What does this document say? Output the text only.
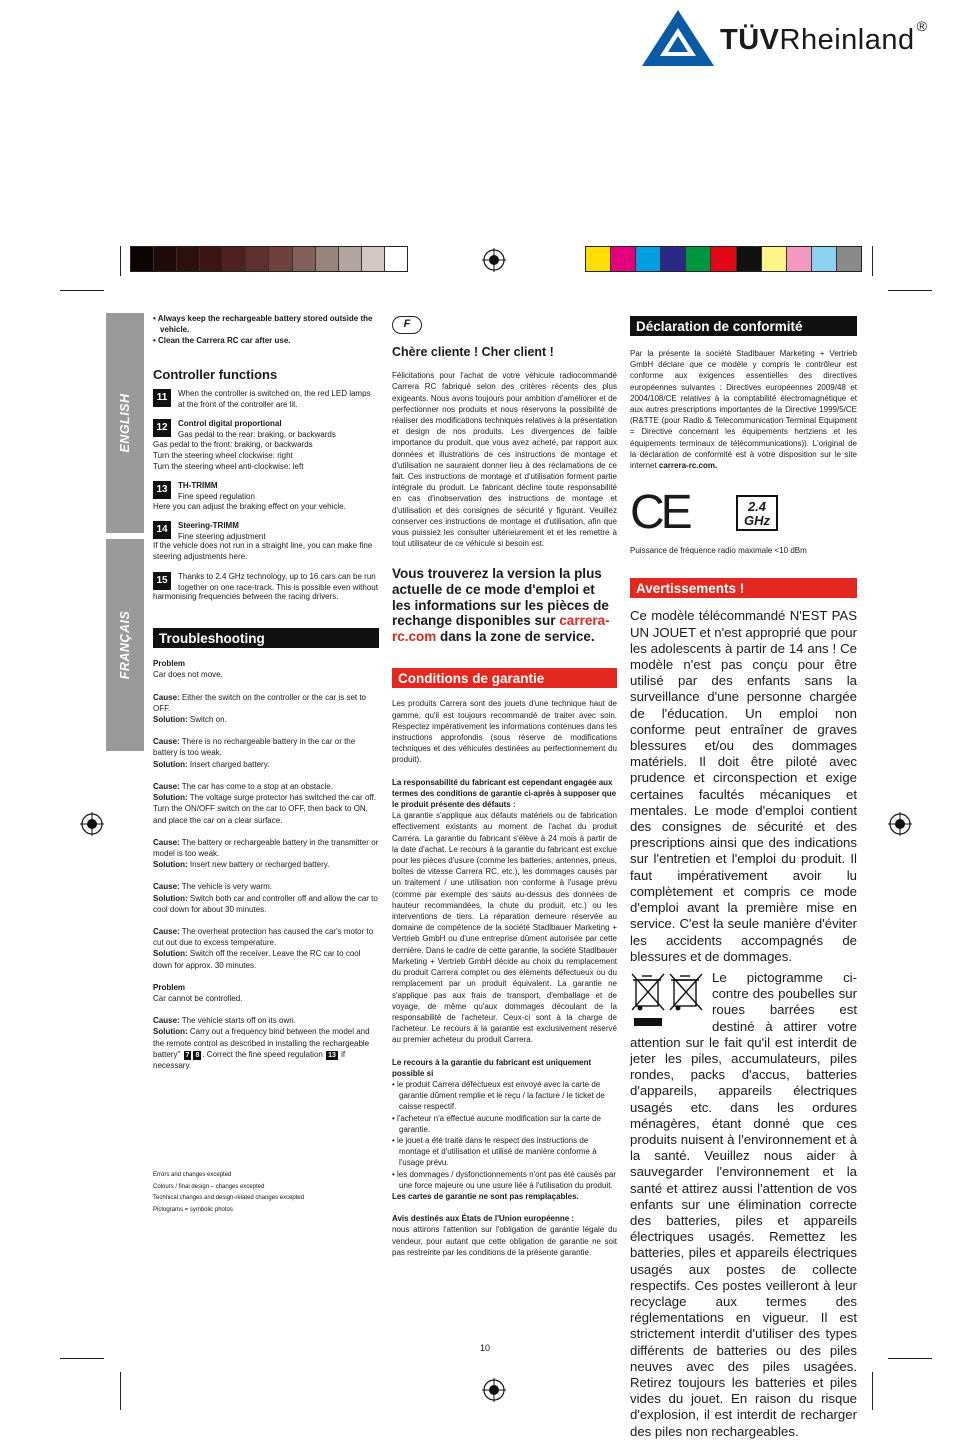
TÜVRheinland ®
ENGLISH
FRANÇAIS

• Always keep the rechargeable battery stored outside the vehicle.

• Clean the Carrera RC car after use.

Controller functions
11	When the controller is switched on, the red LED lamps at the front of the controller are lit.

12	Control digital proportional

Gas pedal to the rear: braking, or backwards

Gas pedal to the front: braking, or backwards

Turn the steering wheel clockwise: right

Turn the steering wheel anti-clockwise: left

13	TH-TRIMM

Fine speed regulation

Here you can adjust the braking effect on your vehicle.

14	Steering-TRIMM

Fine steering adjustment

If the vehicle does not run in a straight line, you can make fine steering adjustments here.

15	Thanks to 2.4 GHz technology, up to 16 cars can be run together on one race-track. This is possible even without

harmonising frequencies between the racing drivers.

Troubleshooting

Problem

Car does not move.

Cause: Either the switch on the controller or the car is set to OFF.

Solution: Switch on.

Cause: There is no rechargeable battery in the car or the battery is too weak.

Solution: Insert charged battery.

Cause: The car has come to a stop at an obstacle.

Solution: The voltage surge protector has switched the car off. Turn the ON/OFF switch on the car to OFF, then back to ON, and place the car on a clear surface.

Cause: The battery or rechargeable battery in the transmitter or model is too weak.

Solution: Insert new battery or recharged battery.

Cause: The vehicle is very warm.

Solution: Switch both car and controller off and allow the car to cool down for about 30 minutes.

Cause: The overheat protection has caused the car's motor to cut out due to excess temperature.

Solution: Switch off the receiver. Leave the RC car to cool down for approx. 30 minutes.

Problem

Car cannot be controlled.

Cause: The vehicle starts off on its own.

Solution: Carry out a frequency bind between the model and the remote control as described in installing the rechargeable battery" 7 8 . Correct the fine speed regulation 13 if necessary.

Errors and changes excepted

Colours / final design – changes excepted

Technical changes and design-related changes excepted

Pictograms = symbolic photos

F
Chère cliente ! Cher client !

Félicitations pour l'achat de votre véhicule radiocommandé Carrera RC fabriqué selon des critères récents des plus exigeants. Nous avons toujours pour ambition d'améliorer et de perfectionner nos produits et nous réservons la possibilité de réaliser des modifications techniques relatives à la présentation et design de nos produits. Les divergences de faible importance du produit, que vous avez acheté, par rapport aux données et illustrations de ces instructions de montage et d'utilisation ne sauraient donner lieu à des réclamations de ce fait. Ces instructions de montage et d'utilisation forment partie intégrale du produit. Le fabricant décline toute responsabilité en cas d'inobservation des instructions de montage et d'utilisation et des consignes de sécurité y figurant. Veuillez conserver ces instructions de montage et d'utilisation, afin que vous puissiez les consulter ultérieurement et et les remettre à tout utilisateur de ce véhicule si besoin est.

Vous trouverez la version la plus actuelle de ce mode d'emploi et les informations sur les pièces de rechange disponibles sur carrera-rc.com dans la zone de service.

Conditions de garantie

Les produits Carrera sont des jouets d'une technique haut de gamme, qu'il est toujours recommandé de traiter avec soin. Respectez impérativement les informations contenues dans les instructions approfondis (sous réserve de modifications techniques et des véhicules destinées au perfectionnement du produit).

La responsabilité du fabricant est cependant engagée aux termes des conditions de garantie ci-après à supposer que le produit présente des défauts :

La garantie s'applique aux défauts matériels ou de fabrication effectivement existants au moment de l'achat du produit Carrera. La garantie du fabricant s'élève à 24 mois à partir de la date d'achat. Le recours à la garantie du fabricant est exclue pour les pièces d'usure (comme les batteries, antennes, pneus, boîtes de vitesse Carrera RC, etc.), les dommages causés par un traitement / une utilisation non conforme à l'usage prévu (comme par exemple des sauts au-dessus des données de hauteur recommandées, la chute du produit, etc.) ou les interventions de tiers. La réparation demeure réservée au domaine de compétence de la société Stadlbauer Marketing + Vertrieb GmbH ou d'une entreprise dûment autorisée par cette dernière. Dans le cadre de cette garantie, la société Stadlbauer Marketing + Vertrieb GmbH décide au choix du remplacement du produit Carrera complet ou des éléments défectueux ou du remplacement par un produit équivalent. La garantie ne s'applique pas aux frais de transport, d'emballage et de voyage, de même qu'aux dommages découlant de la responsabilité de l'acheteur. Ceux-ci sont à la charge de l'acheteur. Le recours à la garantie est exclusivement réservé au premier acheteur du produit Carrera.

Le recours à la garantie du fabricant est uniquement possible si

• le produit Carrera défectueux est envoyé avec la carte de garantie dûment remplie et le reçu / la facture / le ticket de caisse respectif.

• l'acheteur n'a effectué aucune modification sur la carte de garantie.

• le jouet a été traité dans le respect des instructions de montage et d'utilisation et utilisé de manière conforme à l'usage prévu.

• les dommages / dysfonctionnements n'ont pas été causés par une force majeure ou une usure liée à l'utilisation du produit.

Les cartes de garantie ne sont pas remplaçables.

Avis destinés aux États de l'Union européenne :

nous attirons l'attention sur l'obligation de garantie légale du vendeur, pour autant que cette obligation de garantie ne soit pas restreinte par les conditions de la présente garantie.

Déclaration de conformité

Par la présente la société Stadlbauer Marketing + Vertrieb GmbH déclare que ce modèle y compris le contrôleur est conforme aux exigences essentielles des directives européennes suivantes : Directives européennes 2009/48 et 2004/108/CE relatives à la comptabilité électromagnétique et aux autres prescriptions importantes de la Directive 1999/5/CE (R&TTE (pour Radio & Telecommunication Terminal Equipment = Directive concernant les équipements hertziens et les équipements terminaux de télécommunications)). L'original de la déclaration de conformité est à votre disposition sur le site internet carrera-rc.com.

CE	2.4
GHz

Puissance de fréquence radio maximale <10 dBm

Avertissements !

Ce modèle télécommandé N'EST PAS UN JOUET et n'est approprié que pour les adolescents à partir de 14 ans ! Ce modèle n'est pas conçu pour être utilisé par des enfants sans la surveillance d'une personne chargée de l'éducation. Un emploi non conforme peut entraîner de graves blessures et/ou des dommages matériels. Il doit être piloté avec prudence et circonspection et exige certaines facultés mécaniques et mentales. Le mode d'emploi contient des consignes de sécurité et des prescriptions ainsi que des indications sur l'entretien et l'emploi du produit. Il faut impérativement avoir lu complètement et compris ce mode d'emploi avant la première mise en service. C'est la seule manière d'éviter les accidents accompagnés de blessures et de dommages.

Le pictogramme ci-contre des poubelles sur roues barrées est destiné à attirer votre attention sur le fait qu'il est interdit de jeter les piles, accumulateurs, piles rondes, packs d'accus, batteries d'appareils, appareils électriques usagés etc. dans les ordures ménagères, étant donné que ces produits nuisent à l'environnement et à la santé. Veuillez nous aider à sauvegarder l'environnement et la santé et attirez aussi l'attention de vos enfants sur une élimination correcte des batteries, piles et appareils électriques usagés. Remettez les batteries, piles et appareils électriques usagés aux postes de collecte respectifs. Ces postes veilleront à leur recyclage aux termes des réglementations en vigueur. Il est strictement interdit d'utiliser des types différents de batteries ou des piles neuves avec des piles usagées. Retirez toujours les batteries et piles vides du jouet. En raison du risque d'explosion, il est interdit de recharger des piles non rechargeables.
10
